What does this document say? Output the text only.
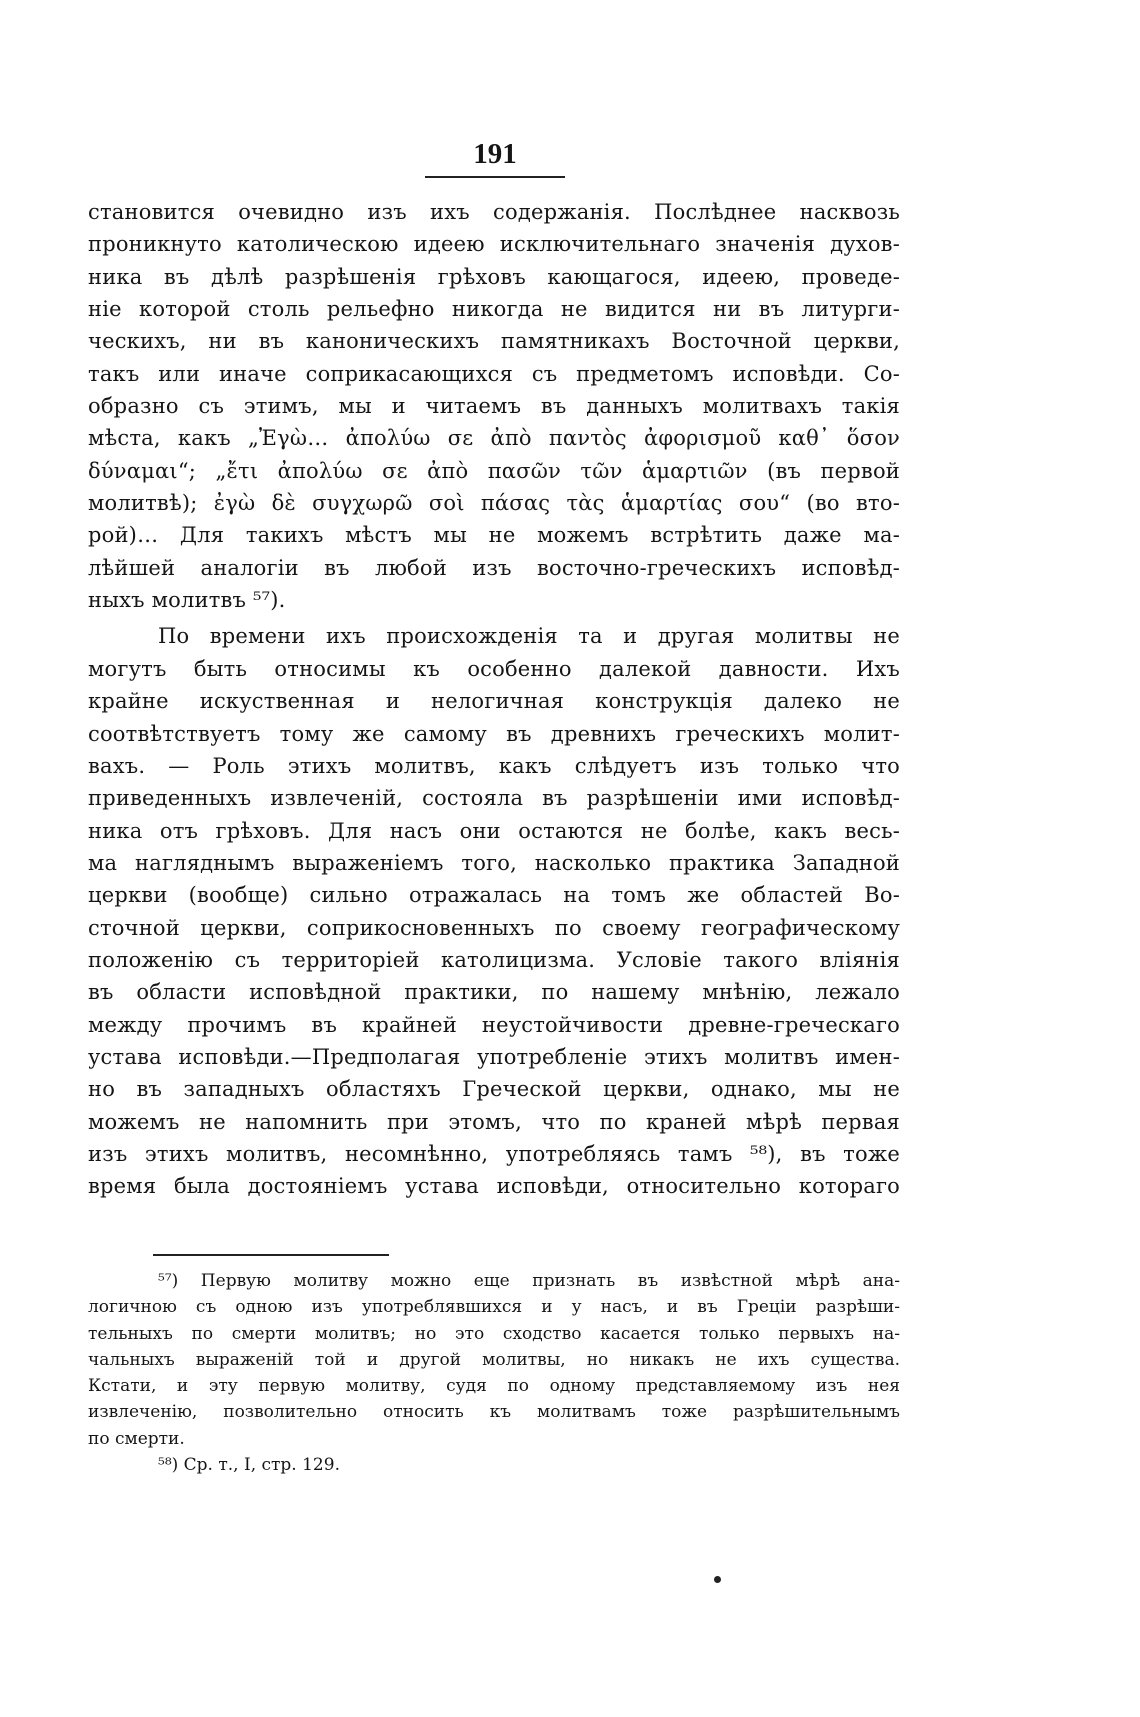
191
становится очевидно изъ ихъ содержанія. Послѣднее насквозь
проникнуто католическою идеею исключительнаго значенія духов-
ника въ дѣлѣ разрѣшенія грѣховъ кающагося, идеею, проведе-
ніе которой столь рельефно никогда не видится ни въ литурги-
ческихъ, ни въ каноническихъ памятникахъ Восточной церкви,
такъ или иначе соприкасающихся съ предметомъ исповѣди. Со-
образно съ этимъ, мы и читаемъ въ данныхъ молитвахъ такія
мѣста, какъ „Ἐγὼ… ἀπολύω σε ἀπὸ παντὸς ἀφορισμοῦ καθ᾽ ὅσον
δύναμαι“; „ἔτι ἀπολύω σε ἀπὸ πασῶν τῶν ἁμαρτιῶν (въ первой
молитвѣ); ἐγὼ δὲ συγχωρῶ σοὶ πάσας τὰς ἁμαρτίας σου“ (во вто-
рой)… Для такихъ мѣстъ мы не можемъ встрѣтить даже ма-
лѣйшей аналогіи въ любой изъ восточно-греческихъ исповѣд-
ныхъ молитвъ ⁵⁷).
По времени ихъ происхожденія та и другая молитвы не
могутъ быть относимы къ особенно далекой давности. Ихъ
крайне искуственная и нелогичная конструкція далеко не
соотвѣтствуетъ тому же самому въ древнихъ греческихъ молит-
вахъ. — Роль этихъ молитвъ, какъ слѣдуетъ изъ только что
приведенныхъ извлеченій, состояла въ разрѣшеніи ими исповѣд-
ника отъ грѣховъ. Для насъ они остаются не болѣе, какъ весь-
ма нагляднымъ выраженіемъ того, насколько практика Западной
церкви (вообще) сильно отражалась на томъ же областей Во-
сточной церкви, соприкосновенныхъ по своему географическому
положенію съ территоріей католицизма. Условіе такого вліянія
въ области исповѣдной практики, по нашему мнѣнію, лежало
между прочимъ въ крайней неустойчивости древне-греческаго
устава исповѣди.—Предполагая употребленіе этихъ молитвъ имен-
но въ западныхъ областяхъ Греческой церкви, однако, мы не
можемъ не напомнить при этомъ, что по краней мѣрѣ первая
изъ этихъ молитвъ, несомнѣнно, употребляясь тамъ ⁵⁸), въ тоже
время была достояніемъ устава исповѣди, относительно котораго
⁵⁷) Первую молитву можно еще признать въ извѣстной мѣрѣ ана-
логичною съ одною изъ употреблявшихся и у насъ, и въ Греціи разрѣши-
тельныхъ по смерти молитвъ; но это сходство касается только первыхъ на-
чальныхъ выраженій той и другой молитвы, но никакъ не ихъ существа.
Кстати, и эту первую молитву, судя по одному представляемому изъ нея
извлеченію, позволительно относить къ молитвамъ тоже разрѣшительнымъ
по смерти.
⁵⁸) Ср. т., I, стр. 129.
